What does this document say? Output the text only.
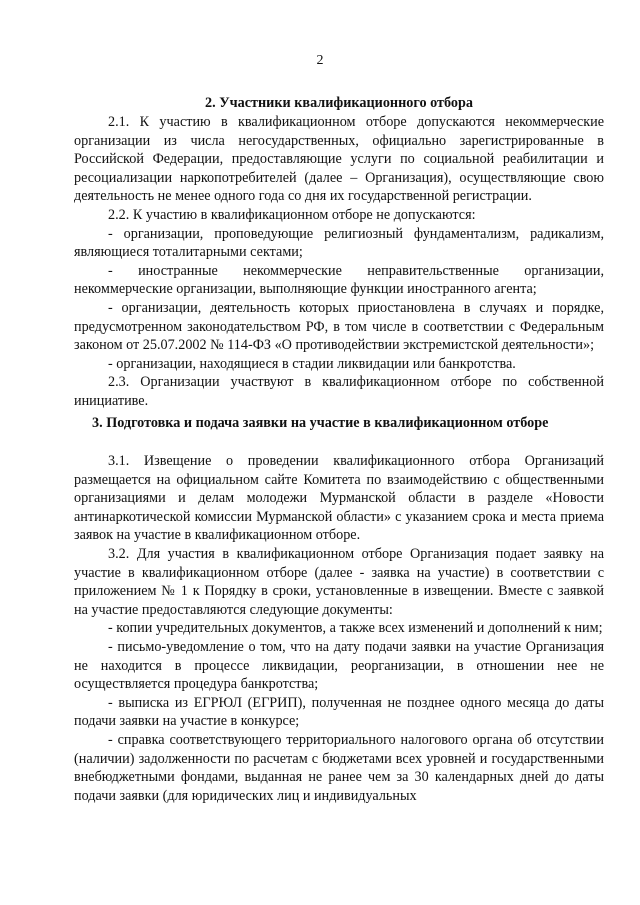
2
2. Участники квалификационного отбора

2.1. К участию в квалификационном отборе допускаются некоммерческие организации из числа негосударственных, официально зарегистрированные в Российской Федерации, предоставляющие услуги по социальной реабилитации и ресоциализации наркопотребителей (далее – Организация), осуществляющие свою деятельность не менее одного года со дня их государственной регистрации.

2.2. К участию в квалификационном отборе не допускаются:

- организации, проповедующие религиозный фундаментализм, радикализм, являющиеся тоталитарными сектами;

- иностранные некоммерческие неправительственные организации, некоммерческие организации, выполняющие функции иностранного агента;

- организации, деятельность которых приостановлена в случаях и порядке, предусмотренном законодательством РФ, в том числе в соответствии с Федеральным законом от 25.07.2002 № 114-ФЗ «О противодействии экстремистской деятельности»;

- организации, находящиеся в стадии ликвидации или банкротства.

2.3. Организации участвуют в квалификационном отборе по собственной инициативе.

3. Подготовка и подача заявки на участие в квалификационном отборе

3.1. Извещение о проведении квалификационного отбора Организаций размещается на официальном сайте Комитета по взаимодействию с общественными организациями и делам молодежи Мурманской области в разделе «Новости антинаркотической комиссии Мурманской области» с указанием срока и места приема заявок на участие в квалификационном отборе.

3.2. Для участия в квалификационном отборе Организация подает заявку на участие в квалификационном отборе (далее - заявка на участие) в соответствии с приложением № 1 к Порядку в сроки, установленные в извещении. Вместе с заявкой на участие предоставляются следующие документы:

- копии учредительных документов, а также всех изменений и дополнений к ним;

- письмо-уведомление о том, что на дату подачи заявки на участие Организация не находится в процессе ликвидации, реорганизации, в отношении нее не осуществляется процедура банкротства;

- выписка из ЕГРЮЛ (ЕГРИП), полученная не позднее одного месяца до даты подачи заявки на участие в конкурсе;

- справка соответствующего территориального налогового органа об отсутствии (наличии) задолженности по расчетам с бюджетами всех уровней и государственными внебюджетными фондами, выданная не ранее чем за 30 календарных дней до даты подачи заявки (для юридических лиц и индивидуальных
